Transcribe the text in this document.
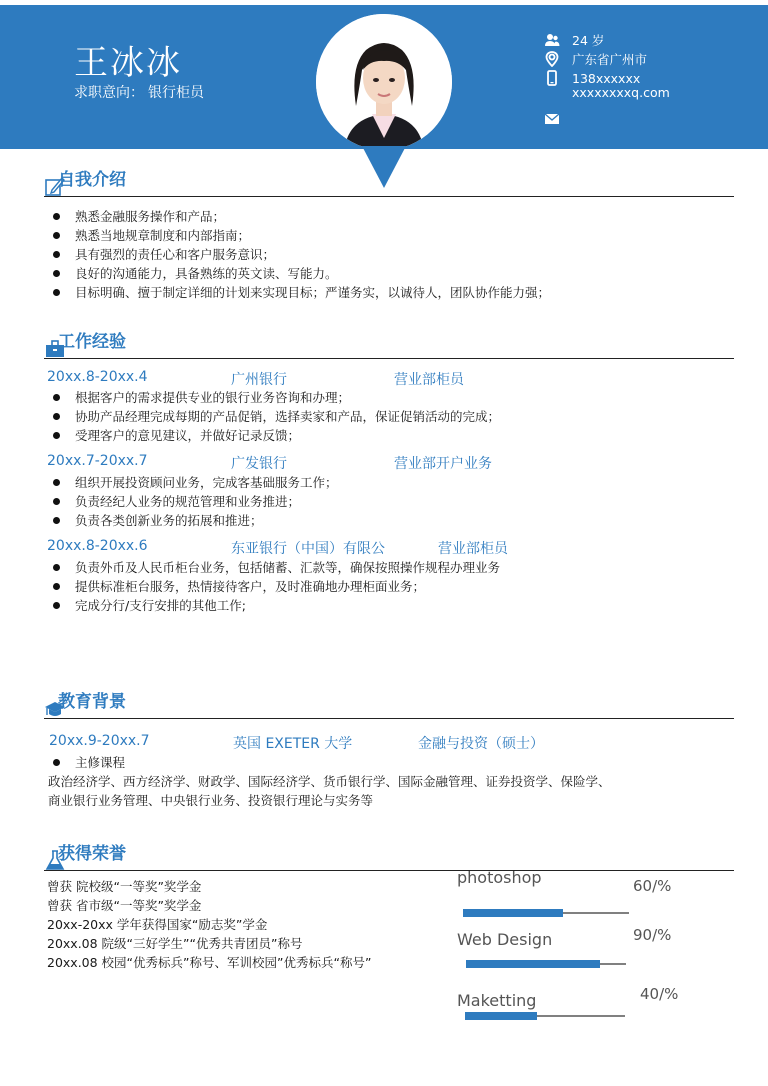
王冰冰
求职意向： 银行柜员
24 岁
广东省广州市
138xxxxxx
xxxxxxxxq.com
自我介绍
熟悉金融服务操作和产品；
熟悉当地规章制度和内部指南；
具有强烈的责任心和客户服务意识；
良好的沟通能力，具备熟练的英文读、写能力。
目标明确、擅于制定详细的计划来实现目标；严谨务实，以诚待人，团队协作能力强；
工作经验
20xx.8-20xx.4	广州银行	营业部柜员
根据客户的需求提供专业的银行业务咨询和办理；
协助产品经理完成每期的产品促销，选择卖家和产品，保证促销活动的完成；
受理客户的意见建议，并做好记录反馈；
20xx.7-20xx.7	广发银行	营业部开户业务
组织开展投资顾问业务，完成客基础服务工作；
负责经纪人业务的规范管理和业务推进；
负责各类创新业务的拓展和推进；
20xx.8-20xx.6	东亚银行（中国）有限公	营业部柜员
负责外币及人民币柜台业务，包括储蓄、汇款等，确保按照操作规程办理业务
提供标准柜台服务，热情接待客户，及时准确地办理柜面业务；
完成分行/支行安排的其他工作;
教育背景
20xx.9-20xx.7	英国 EXETER 大学	金融与投资（硕士）
主修课程
政治经济学、西方经济学、财政学、国际经济学、货币银行学、国际金融管理、证券投资学、保险学、
商业银行业务管理、中央银行业务、投资银行理论与实务等
获得荣誉
曾获 院校级“一等奖”奖学金
曾获 省市级“一等奖”奖学金
20xx-20xx 学年获得国家“励志奖”学金
20xx.08 院级“三好学生”“优秀共青团员”称号
20xx.08 校园“优秀标兵”称号、军训校园”优秀标兵“称号”
photoshop	60/%
Web Design	90/%
Maketting	40/%
